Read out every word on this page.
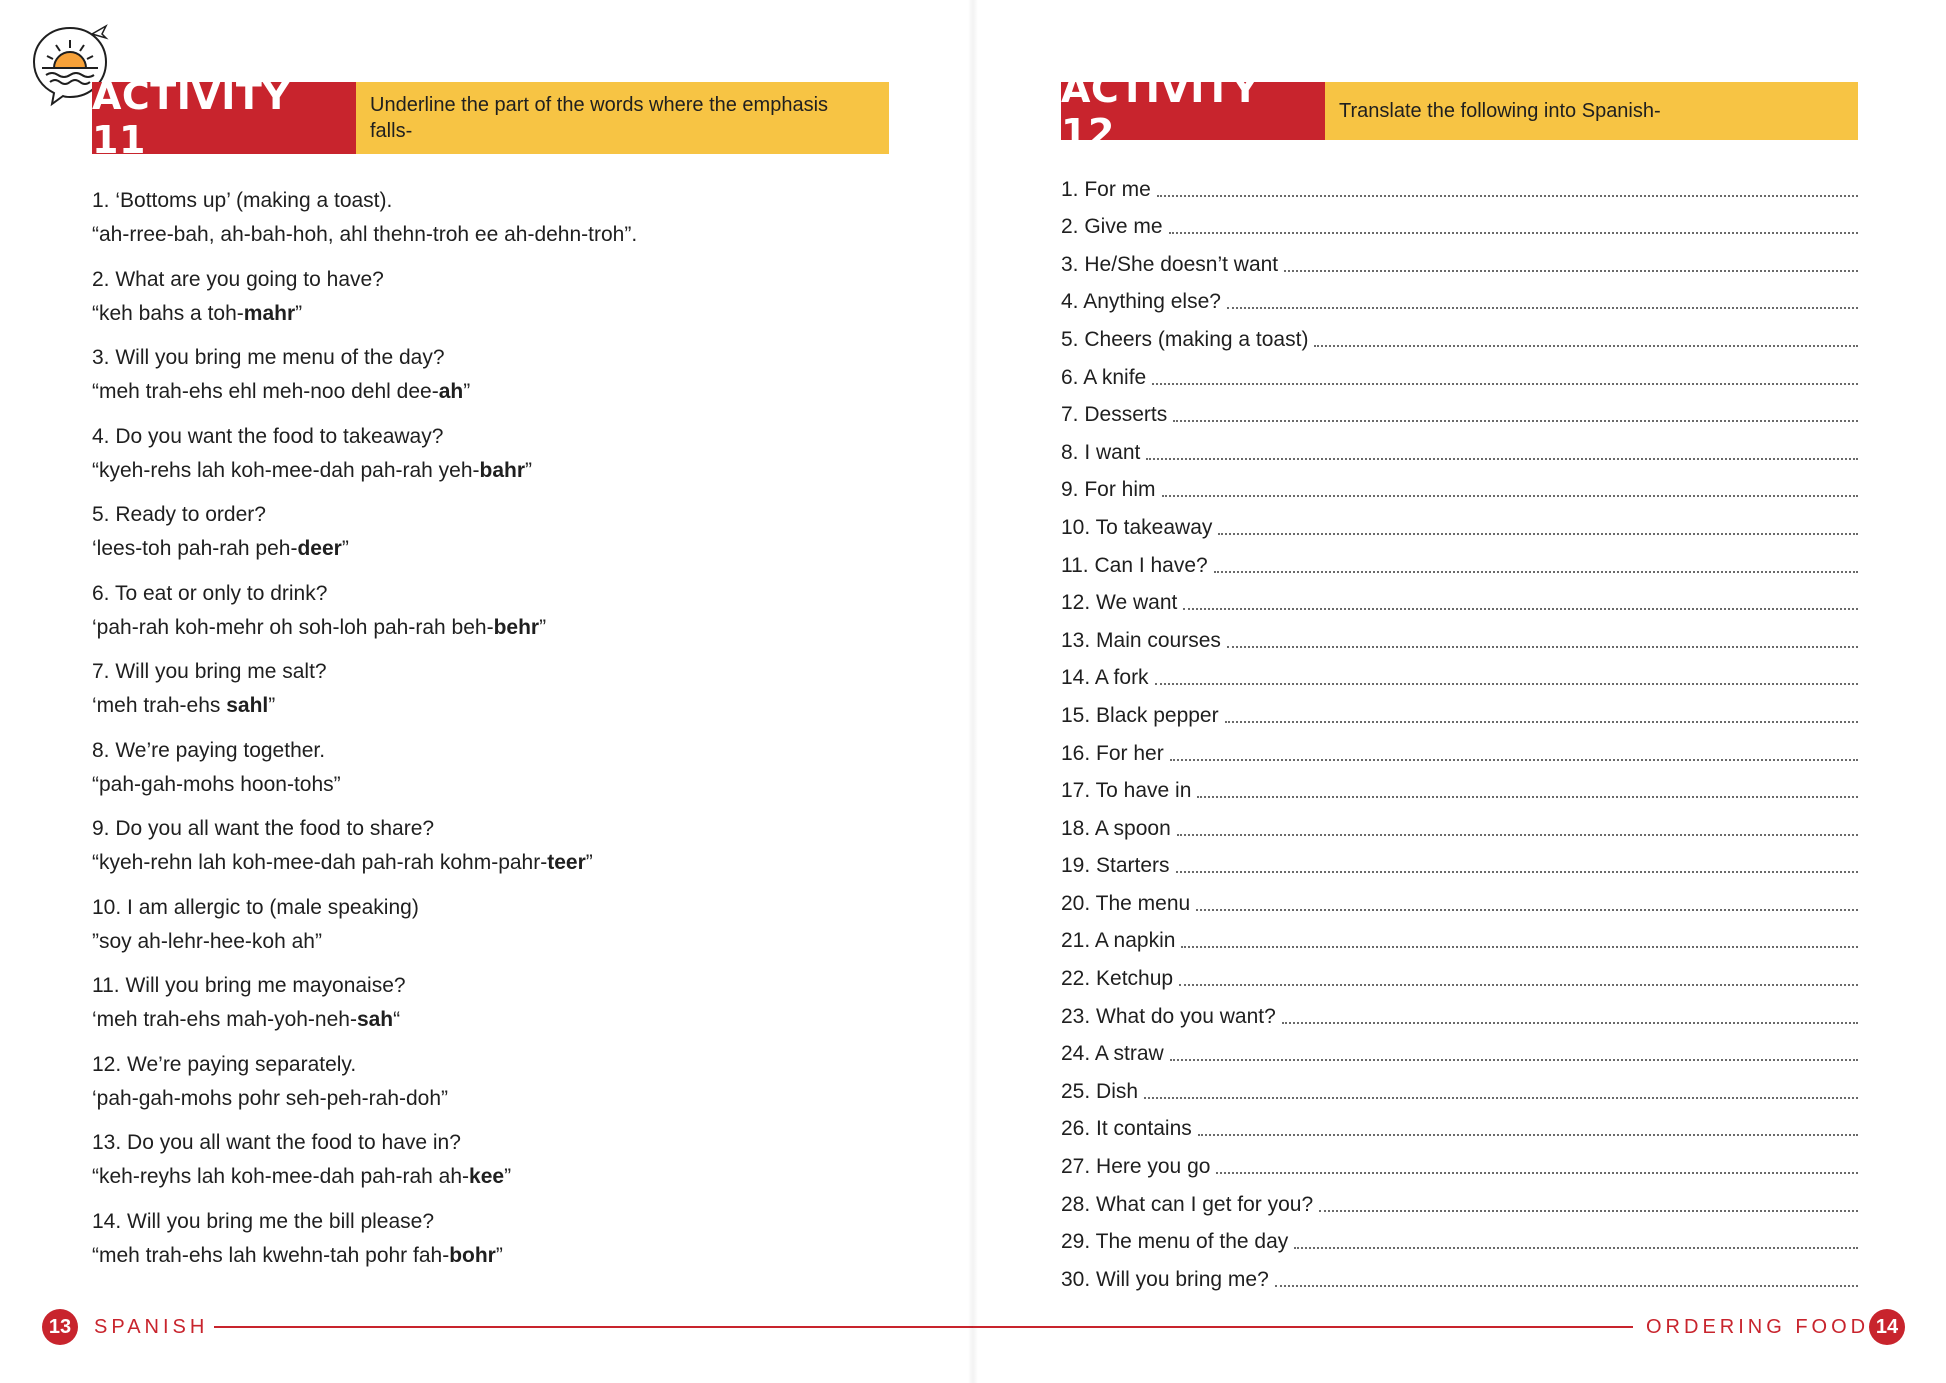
ACTIVITY 11
Underline the part of the words where the emphasis falls-
1. ‘Bottoms up’ (making a toast).
“ah-rree-bah, ah-bah-hoh, ahl thehn-troh ee ah-dehn-troh”.
2. What are you going to have?
“keh bahs a toh-mahr”
3. Will you bring me menu of the day?
“meh trah-ehs ehl meh-noo dehl dee-ah”
4. Do you want the food to takeaway?
“kyeh-rehs lah koh-mee-dah pah-rah yeh-bahr”
5. Ready to order?
‘lees-toh pah-rah peh-deer”
6. To eat or only to drink?
‘pah-rah koh-mehr oh soh-loh pah-rah beh-behr”
7. Will you bring me salt?
‘meh trah-ehs sahl”
8. We’re paying together.
“pah-gah-mohs hoon-tohs”
9. Do you all want the food to share?
“kyeh-rehn lah koh-mee-dah pah-rah kohm-pahr-teer”
10. I am allergic to (male speaking)
”soy ah-lehr-hee-koh ah”
11. Will you bring me mayonaise?
‘meh trah-ehs mah-yoh-neh-sah“
12. We’re paying separately.
‘pah-gah-mohs pohr seh-peh-rah-doh”
13. Do you all want the food to have in?
“keh-reyhs lah koh-mee-dah pah-rah ah-kee”
14. Will you bring me the bill please?
“meh trah-ehs lah kwehn-tah pohr fah-bohr”
13	SPANISH
ACTIVITY 12	Translate the following into Spanish-
1. For me
2. Give me
3. He/She doesn’t want
4. Anything else?
5. Cheers (making a toast)
6. A knife
7. Desserts
8. I want
9. For him
10. To takeaway
11. Can I have?
12. We want
13. Main courses
14. A fork
15. Black pepper
16. For her
17. To have in
18. A spoon
19. Starters
20. The menu
21. A napkin
22. Ketchup
23. What do you want?
24. A straw
25. Dish
26. It contains
27. Here you go
28. What can I get for you?
29. The menu of the day
30. Will you bring me?
ORDERING FOOD 14
